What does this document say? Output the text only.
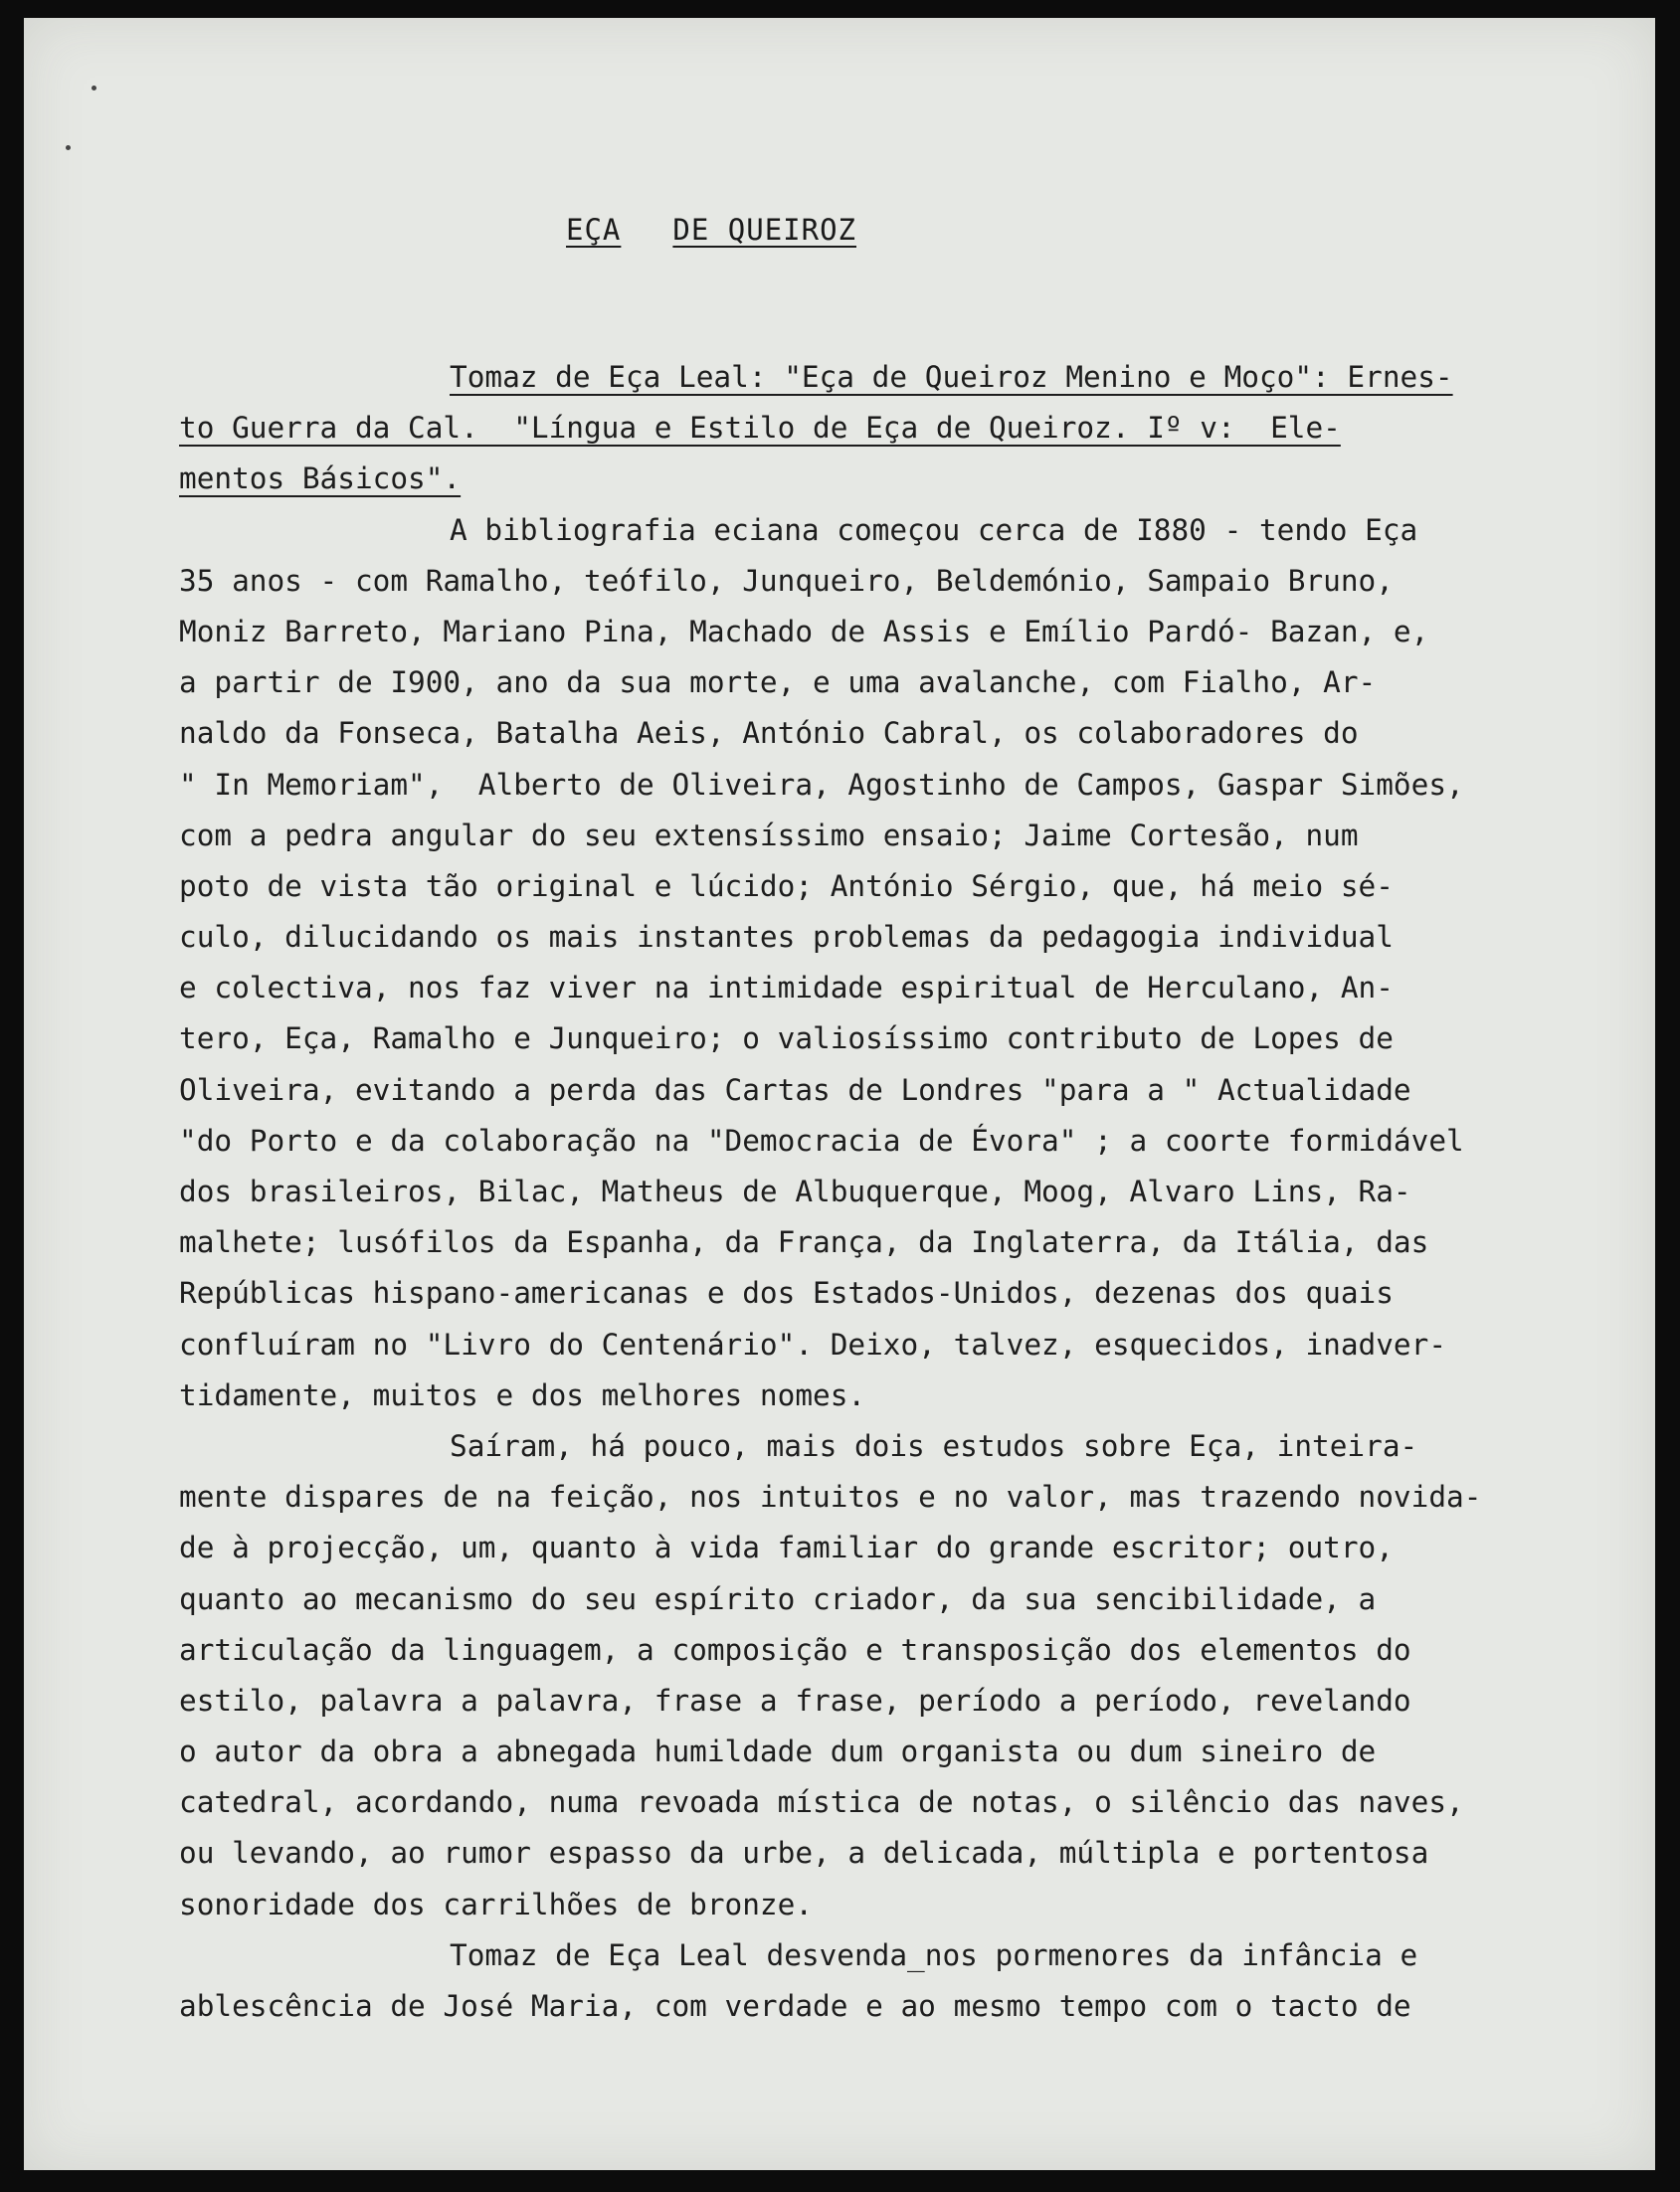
EÇA DE QUEIROZ
Tomaz de Eça Leal: "Eça de Queiroz Menino e Moço": Ernes-
to Guerra da Cal.  "Língua e Estilo de Eça de Queiroz. Iº v:  Ele-
mentos Básicos".
A bibliografia eciana começou cerca de I880 - tendo Eça
35 anos - com Ramalho, teófilo, Junqueiro, Beldemónio, Sampaio Bruno,
Moniz Barreto, Mariano Pina, Machado de Assis e Emílio Pardó- Bazan, e,
a partir de I900, ano da sua morte, e uma avalanche, com Fialho, Ar-
naldo da Fonseca, Batalha Aeis, António Cabral, os colaboradores do
" In Memoriam",  Alberto de Oliveira, Agostinho de Campos, Gaspar Simões,
com a pedra angular do seu extensíssimo ensaio; Jaime Cortesão, num
poto de vista tão original e lúcido; António Sérgio, que, há meio sé-
culo, dilucidando os mais instantes problemas da pedagogia individual
e colectiva, nos faz viver na intimidade espiritual de Herculano, An-
tero, Eça, Ramalho e Junqueiro; o valiosíssimo contributo de Lopes de
Oliveira, evitando a perda das Cartas de Londres "para a " Actualidade
"do Porto e da colaboração na "Democracia de Évora" ; a coorte formidável
dos brasileiros, Bilac, Matheus de Albuquerque, Moog, Alvaro Lins, Ra-
malhete; lusófilos da Espanha, da França, da Inglaterra, da Itália, das
Repúblicas hispano-americanas e dos Estados-Unidos, dezenas dos quais
confluíram no "Livro do Centenário". Deixo, talvez, esquecidos, inadver-
tidamente, muitos e dos melhores nomes.
Saíram, há pouco, mais dois estudos sobre Eça, inteira-
mente dispares de na feição, nos intuitos e no valor, mas trazendo novida-
de à projecção, um, quanto à vida familiar do grande escritor; outro,
quanto ao mecanismo do seu espírito criador, da sua sencibilidade, a
articulação da linguagem, a composição e transposição dos elementos do
estilo, palavra a palavra, frase a frase, período a período, revelando
o autor da obra a abnegada humildade dum organista ou dum sineiro de
catedral, acordando, numa revoada mística de notas, o silêncio das naves,
ou levando, ao rumor espasso da urbe, a delicada, múltipla e portentosa
sonoridade dos carrilhões de bronze.
Tomaz de Eça Leal desvenda_nos pormenores da infância e
ablescência de José Maria, com verdade e ao mesmo tempo com o tacto de
